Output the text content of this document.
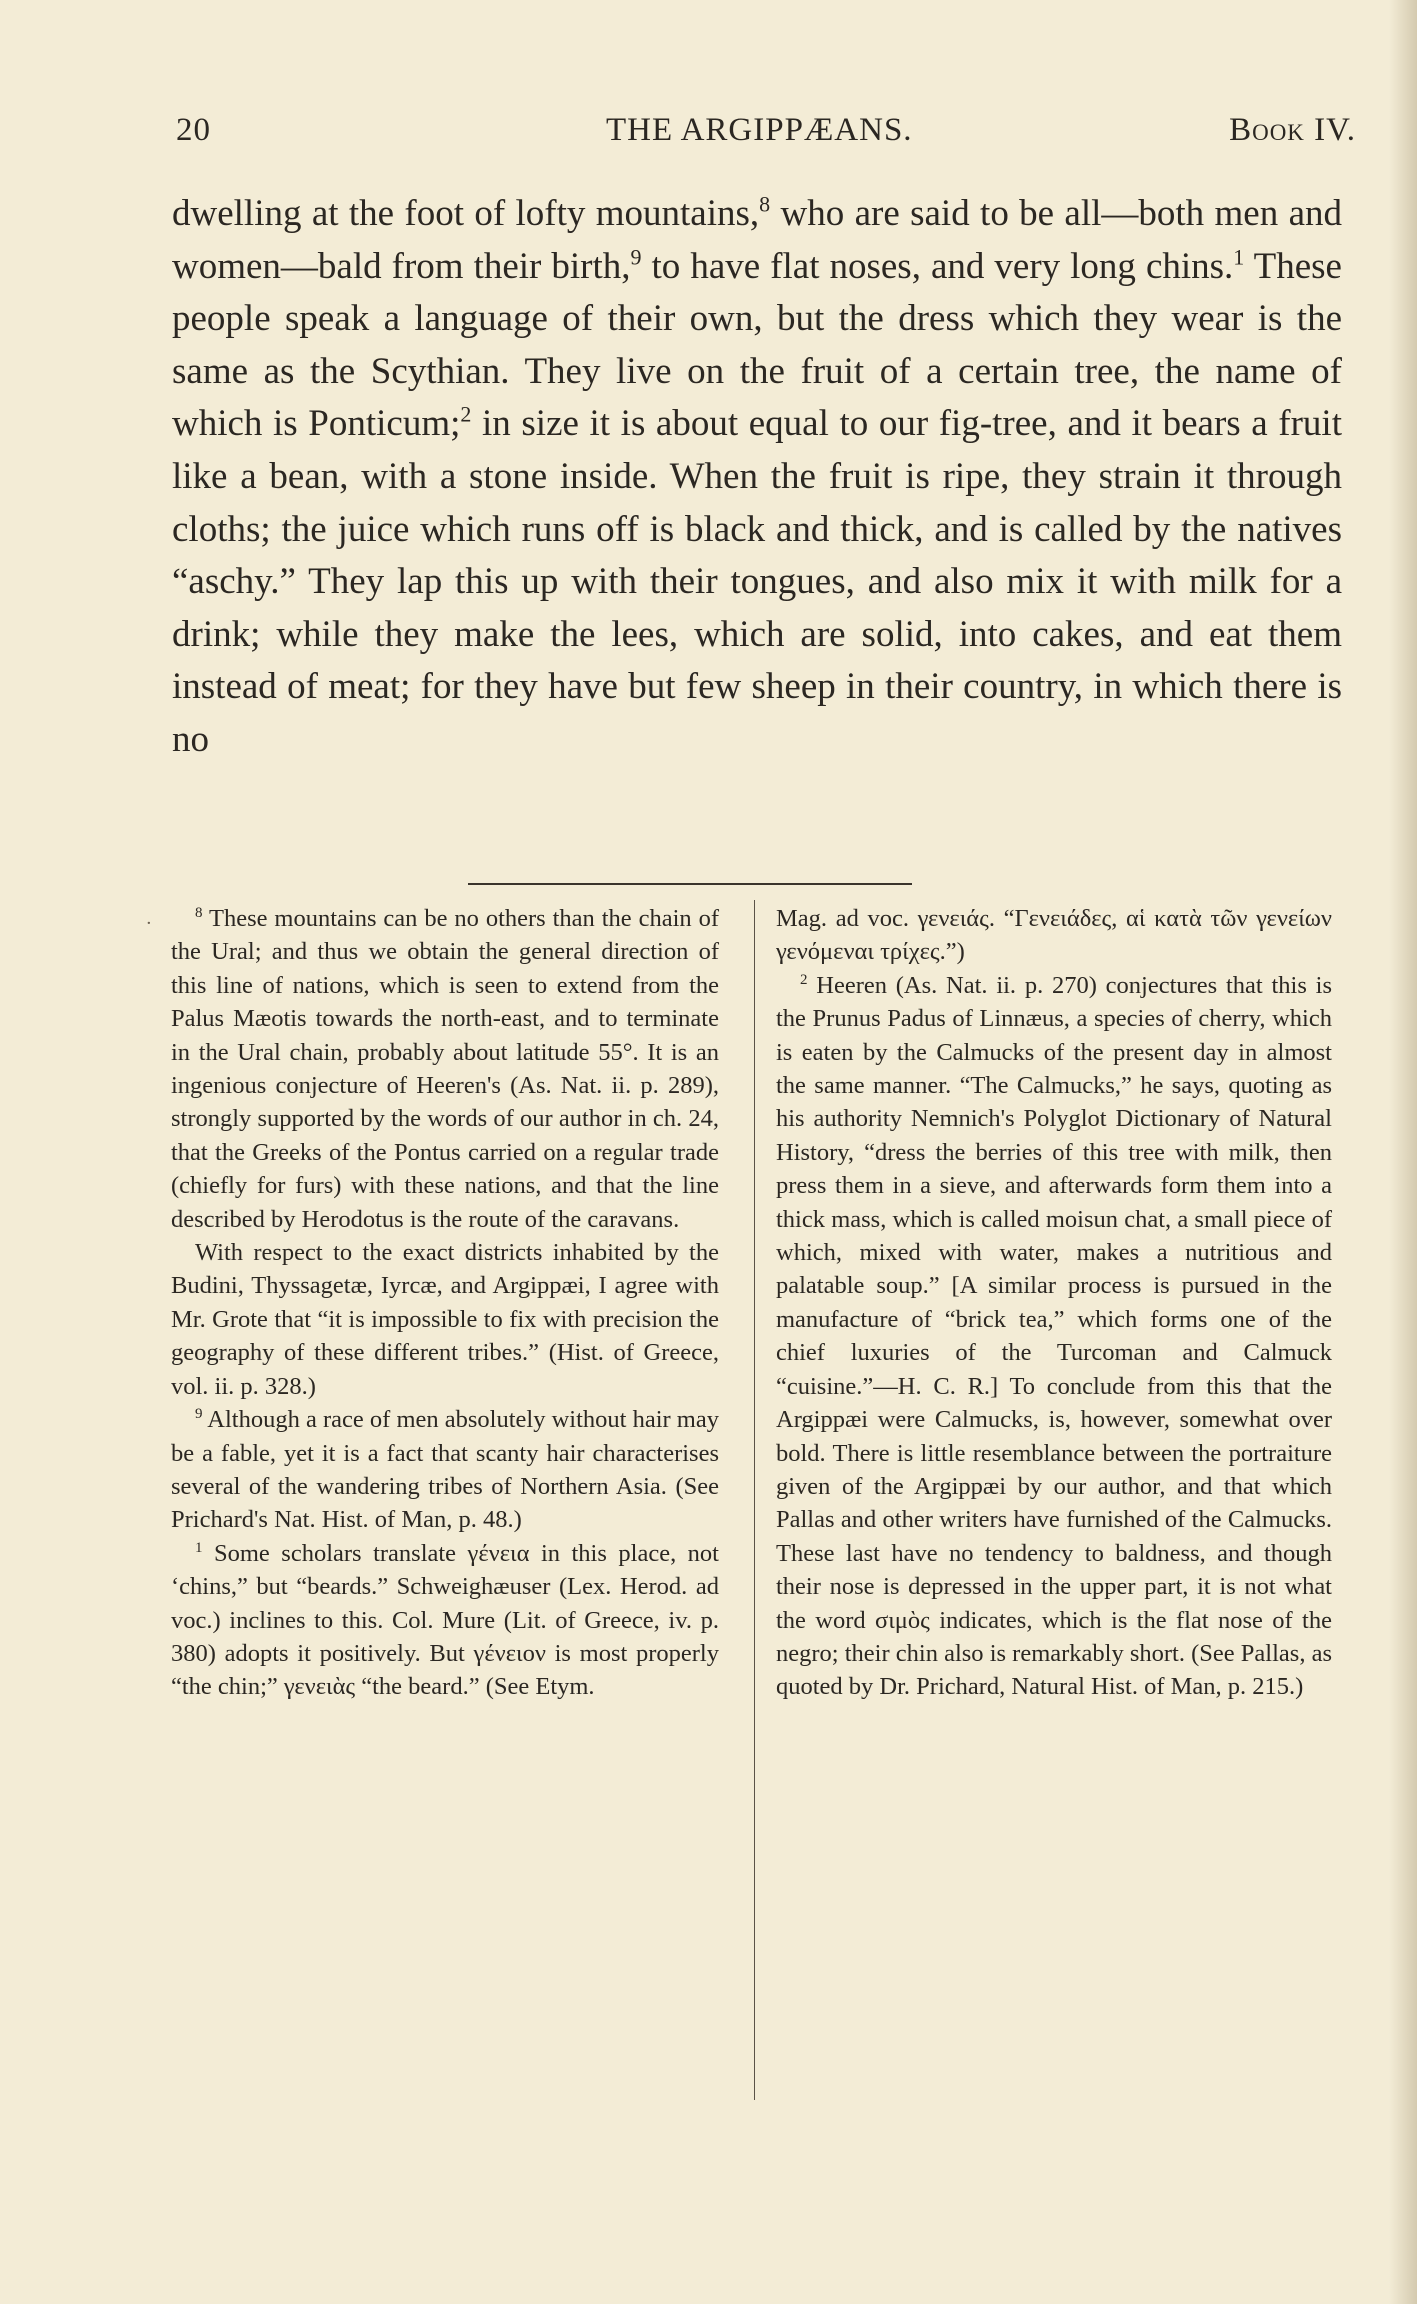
20	THE ARGIPPÆANS.	Book IV.

dwelling at the foot of lofty mountains,$^8$ who are said to be all—both men and women—bald from their birth,$^9$ to have flat noses, and very long chins.$^1$ These people speak a language of their own, but the dress which they wear is the same as the Scythian. They live on the fruit of a certain tree, the name of which is Ponticum;$^2$ in size it is about equal to our fig-tree, and it bears a fruit like a bean, with a stone inside. When the fruit is ripe, they strain it through cloths; the juice which runs off is black and thick, and is called by the natives “aschy.” They lap this up with their tongues, and also mix it with milk for a drink; while they make the lees, which are solid, into cakes, and eat them instead of meat; for they have but few sheep in their country, in which there is no

·

$^8$ These mountains can be no others than the chain of the Ural; and thus we obtain the general direction of this line of nations, which is seen to extend from the Palus Mæotis towards the north-east, and to terminate in the Ural chain, probably about latitude 55°. It is an ingenious conjecture of Heeren's (As. Nat. ii. p. 289), strongly supported by the words of our author in ch. 24, that the Greeks of the Pontus carried on a regular trade (chiefly for furs) with these nations, and that the line described by Herodotus is the route of the caravans.

With respect to the exact districts inhabited by the Budini, Thyssagetæ, Iyrcæ, and Argippæi, I agree with Mr. Grote that “it is impossible to fix with precision the geography of these different tribes.” (Hist. of Greece, vol. ii. p. 328.)

$^9$ Although a race of men absolutely without hair may be a fable, yet it is a fact that scanty hair characterises several of the wandering tribes of Northern Asia. (See Prichard's Nat. Hist. of Man, p. 48.)

$^1$ Some scholars translate γένεια in this place, not ‘chins,” but “beards.” Schweighæuser (Lex. Herod. ad voc.) inclines to this. Col. Mure (Lit. of Greece, iv. p. 380) adopts it positively. But γένειον is most properly “the chin;” γενειὰς “the beard.” (See Etym.

Mag. ad voc. γενειάς. “Γενειάδες, αἱ κατὰ τῶν γενείων γενόμεναι τρίχες.”)

$^2$ Heeren (As. Nat. ii. p. 270) conjectures that this is the Prunus Padus of Linnæus, a species of cherry, which is eaten by the Calmucks of the present day in almost the same manner. “The Calmucks,” he says, quoting as his authority Nemnich's Polyglot Dictionary of Natural History, “dress the berries of this tree with milk, then press them in a sieve, and afterwards form them into a thick mass, which is called moisun chat, a small piece of which, mixed with water, makes a nutritious and palatable soup.” [A similar process is pursued in the manufacture of “brick tea,” which forms one of the chief luxuries of the Turcoman and Calmuck “cuisine.”—H. C. R.] To conclude from this that the Argippæi were Calmucks, is, however, somewhat over bold. There is little resemblance between the portraiture given of the Argippæi by our author, and that which Pallas and other writers have furnished of the Calmucks. These last have no tendency to baldness, and though their nose is depressed in the upper part, it is not what the word σιμὸς indicates, which is the flat nose of the negro; their chin also is remarkably short. (See Pallas, as quoted by Dr. Prichard, Natural Hist. of Man, p. 215.)
